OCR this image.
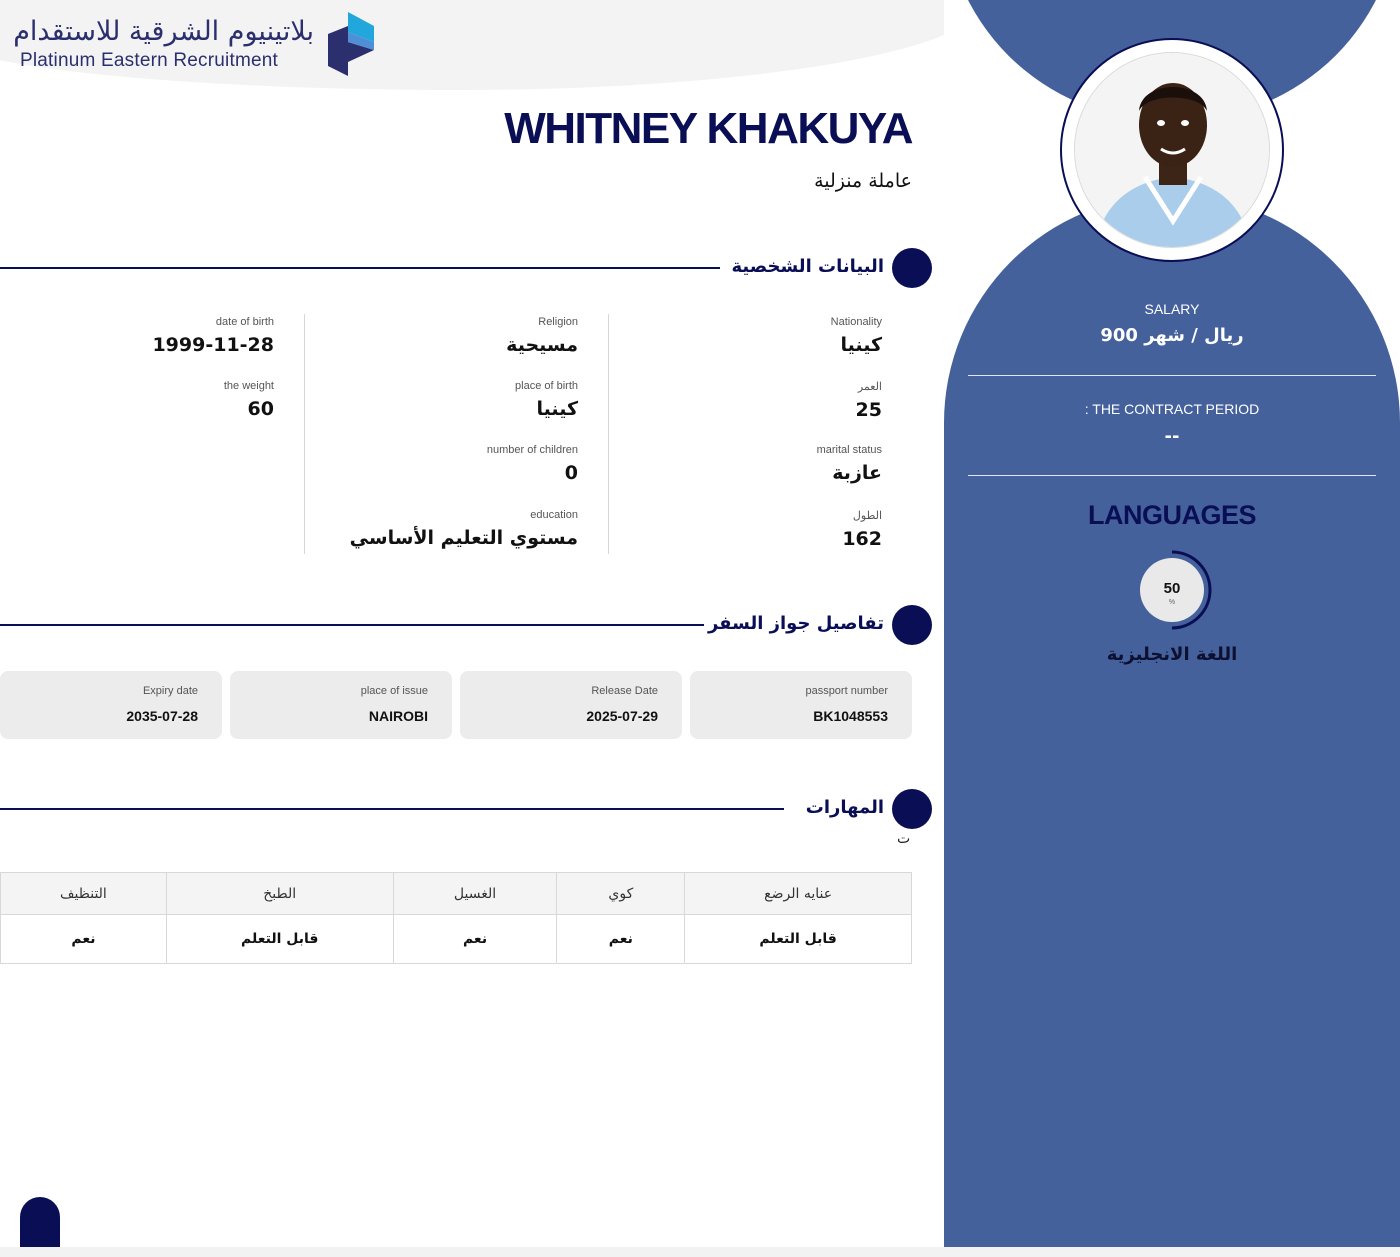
بلاتينيوم الشرقية للاستقدام
Platinum Eastern Recruitment
WHITNEY KHAKUYA
عاملة منزلية
البيانات الشخصية
Nationality
كينيا
العمر
25
marital status
عازبة
الطول
162
Religion
مسيحية
place of birth
كينيا
number of children
0
education
مستوي التعليم الأساسي
date of birth
1999-11-28
the weight
60
تفاصيل جواز السفر
passport number
BK1048553
Release Date
2025-07-29
place of issue
NAIROBI
Expiry date
2035-07-28
المهارات
ت
عنايه الرضع	كوي	الغسيل	الطبخ	التنظيف
قابل التعلم	نعم	نعم	قابل التعلم	نعم
SALARY
900 ريال / شهر
: THE CONTRACT PERIOD
--
LANGUAGES
50
%
اللغة الانجليزية
